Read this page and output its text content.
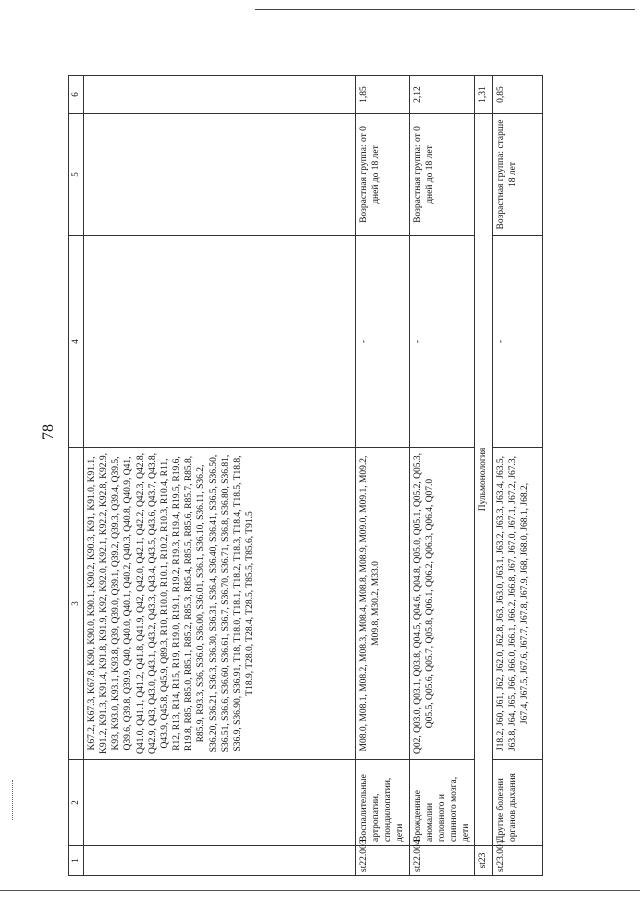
78
1	2	3	4	5	6
		K67.2, K67.3, K67.8, K90, K90.0, K90.1, K90.2, K90.3, K91, K91.0, K91.1, K91.2, K91.3, K91.4, K91.8, K91.9, K92, K92.0, K92.1, K92.2, K92.8, K92.9, K93, K93.0, K93.1, K93.8, Q39, Q39.0, Q39.1, Q39.2, Q39.3, Q39.4, Q39.5, Q39.6, Q39.8, Q39.9, Q40, Q40.0, Q40.1, Q40.2, Q40.3, Q40.8, Q40.9, Q41, Q41.0, Q41.1, Q41.2, Q41.8, Q41.9, Q42, Q42.0, Q42.1, Q42.2, Q42.3, Q42.8, Q42.9, Q43, Q43.0, Q43.1, Q43.2, Q43.3, Q43.4, Q43.5, Q43.6, Q43.7, Q43.8, Q43.9, Q45.8, Q45.9, Q89.3, R10, R10.0, R10.1, R10.2, R10.3, R10.4, R11, R12, R13, R14, R15, R19, R19.0, R19.1, R19.2, R19.3, R19.4, R19.5, R19.6, R19.8, R85, R85.0, R85.1, R85.2, R85.3, R85.4, R85.5, R85.6, R85.7, R85.8, R85.9, R93.3, S36, S36.0, S36.00, S36.01, S36.1, S36.10, S36.11, S36.2, S36.20, S36.21, S36.3, S36.30, S36.31, S36.4, S36.40, S36.41, S36.5, S36.50, S36.51, S36.6, S36.60, S36.61, S36.7, S36.70, S36.71, S36.8, S36.80, S36.81, S36.9, S36.90, S36.91, T18, T18.0, T18.1, T18.2, T18.3, T18.4, T18.5, T18.8, T18.9, T28.0, T28.4, T28.5, T85.5, T85.6, T91.5			
st22.003	Воспалительные артропатии, спондилопатии, дети	M08.0, M08.1, M08.2, M08.3, M08.4, M08.8, M08.9, M09.0, M09.1, M09.2, M09.8, M30.2, M33.0	-	Возрастная группа: от 0 дней до 18 лет	1,85
st22.004	Врожденные аномалии головного и спинного мозга, дети	Q02, Q03.0, Q03.1, Q03.8, Q04.5, Q04.6, Q04.8, Q05.0, Q05.1, Q05.2, Q05.3, Q05.5, Q05.6, Q05.7, Q05.8, Q06.1, Q06.2, Q06.3, Q06.4, Q07.0	-	Возрастная группа: от 0 дней до 18 лет	2,12
st23	Пульмонология				1,31
st23.001	Другие болезни органов дыхания	J18.2, J60, J61, J62, J62.0, J62.8, J63, J63.0, J63.1, J63.2, J63.3, J63.4, J63.5, J63.8, J64, J65, J66, J66.0, J66.1, J66.2, J66.8, J67, J67.0, J67.1, J67.2, J67.3, J67.4, J67.5, J67.6, J67.7, J67.8, J67.9, J68, J68.0, J68.1, J68.2,	-	Возрастная группа: старше 18 лет	0,85
